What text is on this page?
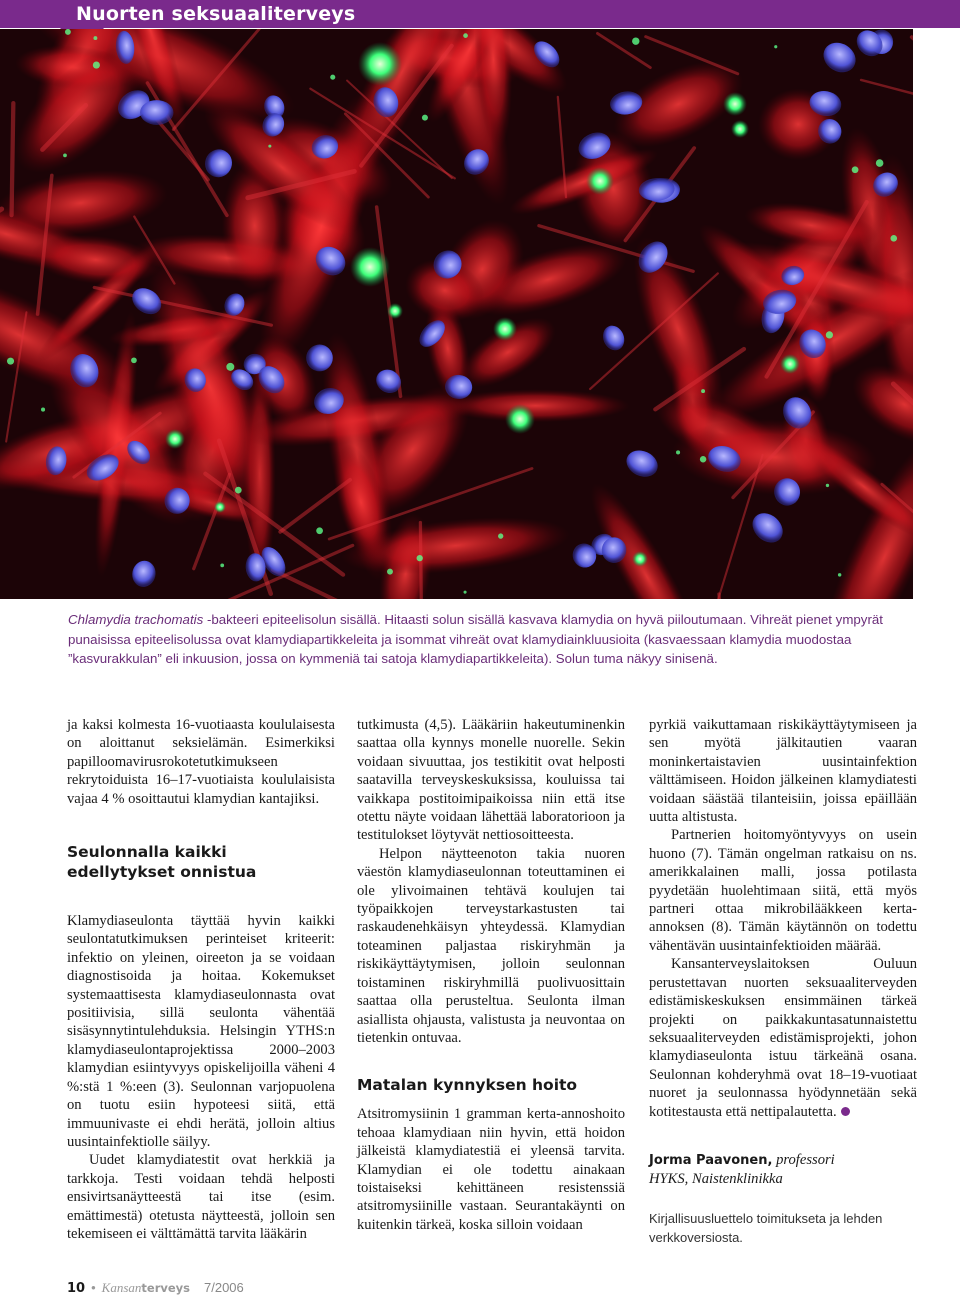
Nuorten seksuaaliterveys
Chlamydia trachomatis -bakteeri epiteelisolun sisällä. Hitaasti solun sisällä kasvava klamydia on hyvä piiloutumaan. Vihreät pienet ympyrät punaisissa epiteelisolussa ovat klamydiapartikkeleita ja isommat vihreät ovat klamydiainkluusioita (kasvaessaan klamydia muodostaa ”kasvurakkulan” eli inkuusion, jossa on kymmeniä tai satoja klamydiapartikkeleita). Solun tuma näkyy sinisenä.

ja kaksi kolmesta 16-vuotiaasta koululaisesta on aloittanut seksielämän. Esimerkiksi papilloomavirusrokotetutkimukseen rekrytoiduista 16–17-vuotiaista koululaisista vajaa 4 % osoittautui klamydian kantajiksi.

Seulonnalla kaikki edellytykset onnistua

Klamydiaseulonta täyttää hyvin kaikki seulontatutkimuksen perinteiset kriteerit: infektio on yleinen, oireeton ja se voidaan diagnostisoida ja hoitaa. Kokemukset systemaattisesta klamydiaseulonnasta ovat positiivisia, sillä seulonta vähentää sisäsynnytintulehduksia. Helsingin YTHS:n klamydiaseulontaprojektissa 2000–2003 klamydian esiintyvyys opiskelijoilla väheni 4 %:stä 1 %:een (3). Seulonnan varjopuolena on tuotu esiin hypoteesi siitä, että immuunivaste ei ehdi herätä, jolloin altius uusintainfektiolle säilyy.

Uudet klamydiatestit ovat herkkiä ja tarkkoja. Testi voidaan tehdä helposti ensivirtsanäytteestä tai itse (esim. emättimestä) otetusta näytteestä, jolloin sen tekemiseen ei välttämättä tarvita lääkärin

tutkimusta (4,5). Lääkäriin hakeutuminenkin saattaa olla kynnys monelle nuorelle. Sekin voidaan sivuuttaa, jos testikitit ovat helposti saatavilla terveyskeskuksissa, kouluissa tai vaikkapa postitoimipaikoissa niin että itse otettu näyte voidaan lähettää laboratorioon ja testitulokset löytyvät nettiosoitteesta.

Helpon näytteenoton takia nuoren väestön klamydiaseulonnan toteuttaminen ei ole ylivoimainen tehtävä koulujen tai työpaikkojen terveystarkastusten tai raskaudenehkäisyn yhteydessä. Klamydian toteaminen paljastaa riskiryhmän ja riskikäyttäytymisen, jolloin seulonnan toistaminen riskiryhmillä puolivuosittain saattaa olla perusteltua. Seulonta ilman asiallista ohjausta, valistusta ja neuvontaa on tietenkin ontuvaa.

Matalan kynnyksen hoito

Atsitromysiinin 1 gramman kerta-annoshoito tehoaa klamydiaan niin hyvin, että hoidon jälkeistä klamydiatestiä ei yleensä tarvita. Klamydian ei ole todettu ainakaan toistaiseksi kehittäneen resistenssiä atsitromysiinille vastaan. Seurantakäynti on kuitenkin tärkeä, koska silloin voidaan

pyrkiä vaikuttamaan riskikäyttäytymiseen ja sen myötä jälkitautien vaaran moninkertaistavien uusintainfektion välttämiseen. Hoidon jälkeinen klamydiatesti voidaan säästää tilanteisiin, joissa epäillään uutta altistusta.

Partnerien hoitomyöntyvyys on usein huono (7). Tämän ongelman ratkaisu on ns. amerikkalainen malli, jossa potilasta pyydetään huolehtimaan siitä, että myös partneri ottaa mikrobilääkkeen kerta-annoksen (8). Tämän käytännön on todettu vähentävän uusintainfektioiden määrää.

Kansanterveyslaitoksen Ouluun perustettavan nuorten seksuaaliterveyden edistämiskeskuksen ensimmäinen tärkeä projekti on paikkakuntasatunnaistettu seksuaaliterveyden edistämisprojekti, johon klamydiaseulonta istuu tärkeänä osana. Seulonnan kohderyhmä ovat 18–19-vuotiaat nuoret ja seulonnassa hyödynnetään sekä kotitestausta että nettipalautetta.

Jorma Paavonen, professori
HYKS, Naistenklinikka
Kirjallisuusluettelo toimitukseta ja lehden verkkoversiosta.
10 • Kansanterveys 7/2006
